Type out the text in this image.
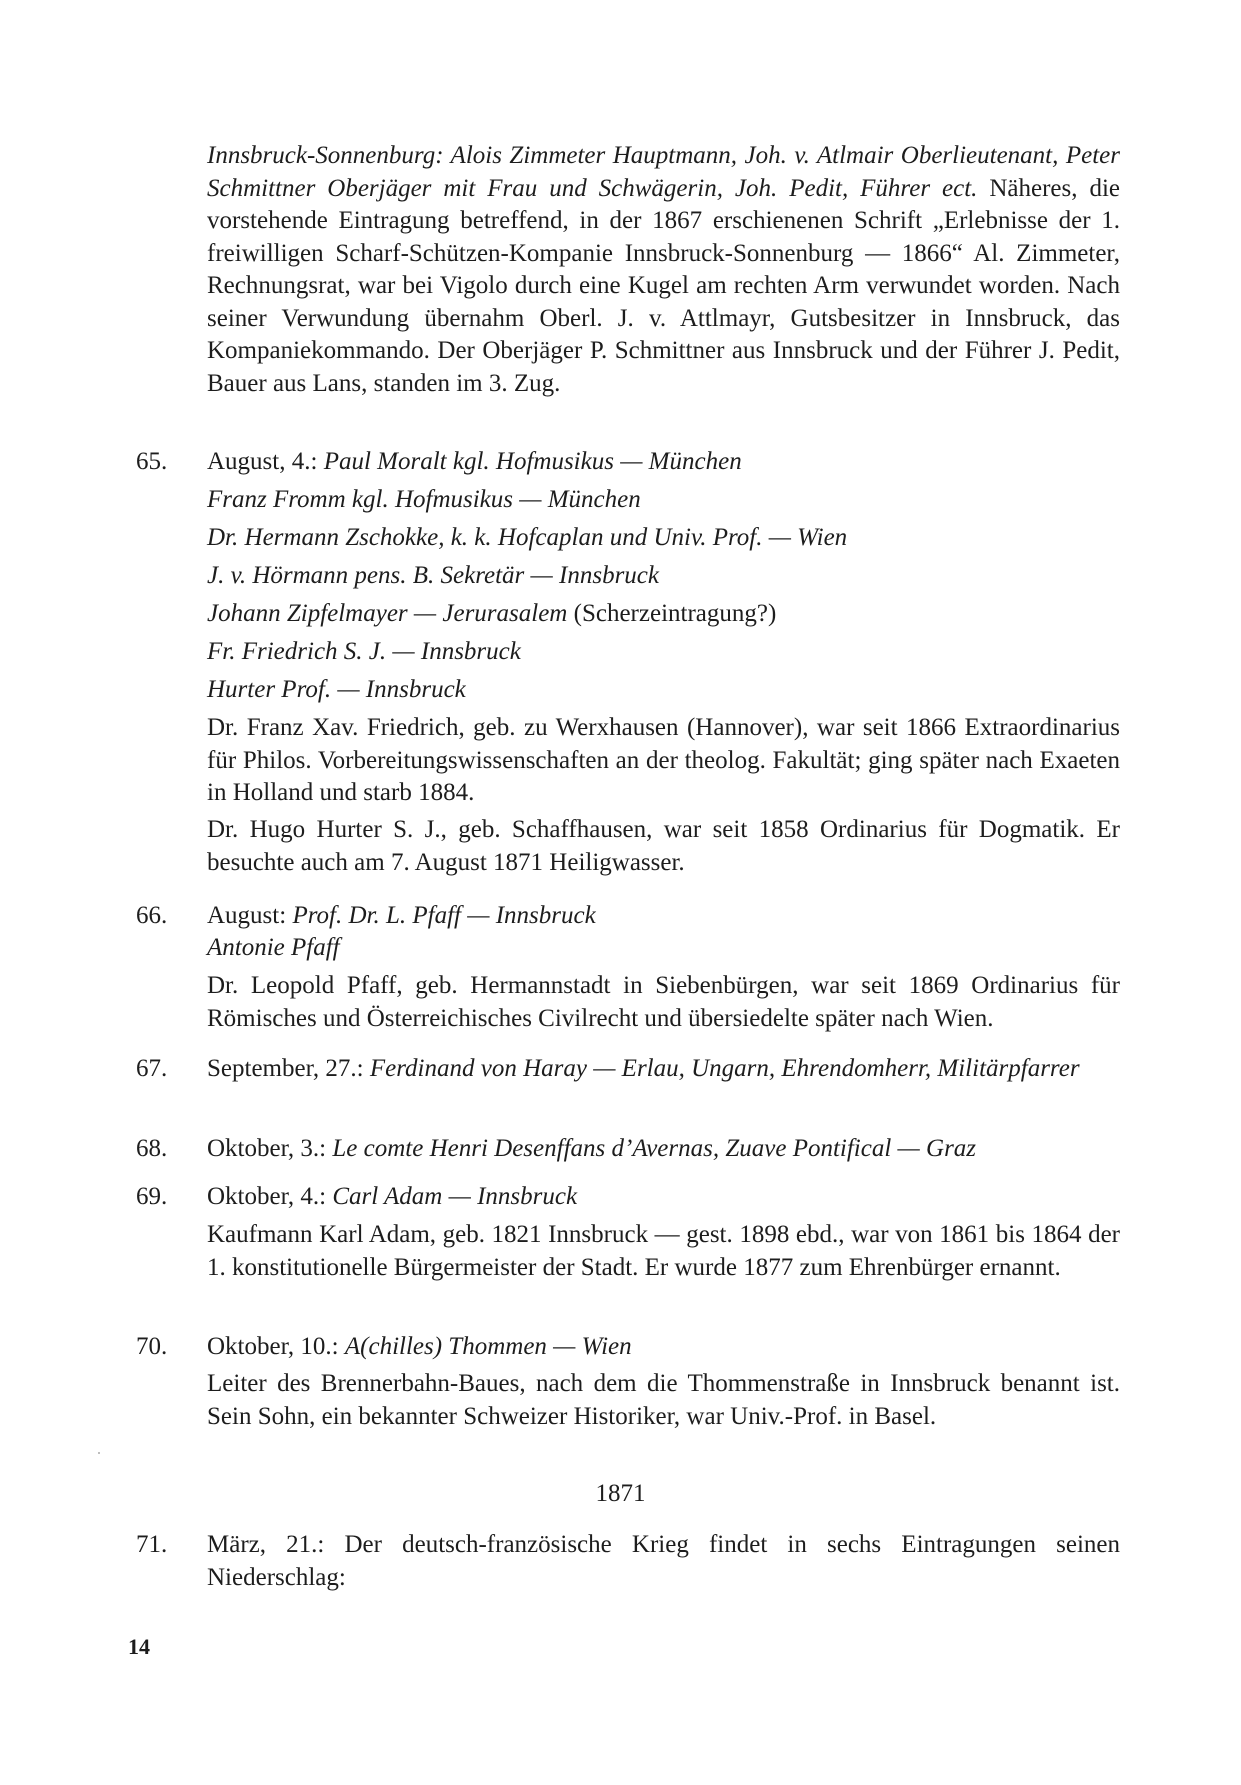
Innsbruck-Sonnenburg: Alois Zimmeter Hauptmann, Joh. v. Atlmair Oberlieutenant, Peter Schmittner Oberjäger mit Frau und Schwägerin, Joh. Pedit, Führer ect. Näheres, die vorstehende Eintragung betreffend, in der 1867 erschienenen Schrift „Erlebnisse der 1. freiwilligen Scharf-Schützen-Kompanie Innsbruck-Sonnenburg — 1866“ Al. Zimmeter, Rechnungsrat, war bei Vigolo durch eine Kugel am rechten Arm verwundet worden. Nach seiner Verwundung übernahm Oberl. J. v. Attlmayr, Gutsbesitzer in Innsbruck, das Kompaniekommando. Der Oberjäger P. Schmittner aus Innsbruck und der Führer J. Pedit, Bauer aus Lans, standen im 3. Zug.

65.	August, 4.: Paul Moralt kgl. Hofmusikus — München

Franz Fromm kgl. Hofmusikus — München

Dr. Hermann Zschokke, k. k. Hofcaplan und Univ. Prof. — Wien

J. v. Hörmann pens. B. Sekretär — Innsbruck

Johann Zipfelmayer — Jerurasalem (Scherzeintragung?)

Fr. Friedrich S. J. — Innsbruck

Hurter Prof. — Innsbruck

Dr. Franz Xav. Friedrich, geb. zu Werxhausen (Hannover), war seit 1866 Extraordinarius für Philos. Vorbereitungswissenschaften an der theolog. Fakultät; ging später nach Exaeten in Holland und starb 1884.

Dr. Hugo Hurter S. J., geb. Schaffhausen, war seit 1858 Ordinarius für Dogmatik. Er besuchte auch am 7. August 1871 Heiligwasser.

66.	August: Prof. Dr. L. Pfaff — Innsbruck

Antonie Pfaff

Dr. Leopold Pfaff, geb. Hermannstadt in Siebenbürgen, war seit 1869 Ordinarius für Römisches und Österreichisches Civilrecht und übersiedelte später nach Wien.

67.	September, 27.: Ferdinand von Haray — Erlau, Ungarn, Ehrendomherr, Militärpfarrer

68.	Oktober, 3.: Le comte Henri Desenffans d’Avernas, Zuave Pontifical — Graz

69.	Oktober, 4.: Carl Adam — Innsbruck

Kaufmann Karl Adam, geb. 1821 Innsbruck — gest. 1898 ebd., war von 1861 bis 1864 der 1. konstitutionelle Bürgermeister der Stadt. Er wurde 1877 zum Ehrenbürger ernannt.

70.	Oktober, 10.: A(chilles) Thommen — Wien

Leiter des Brennerbahn-Baues, nach dem die Thommenstraße in Innsbruck benannt ist. Sein Sohn, ein bekannter Schweizer Historiker, war Univ.-Prof. in Basel.

1871

71.	März, 21.: Der deutsch-französische Krieg findet in sechs Eintragungen seinen Niederschlag:

14
